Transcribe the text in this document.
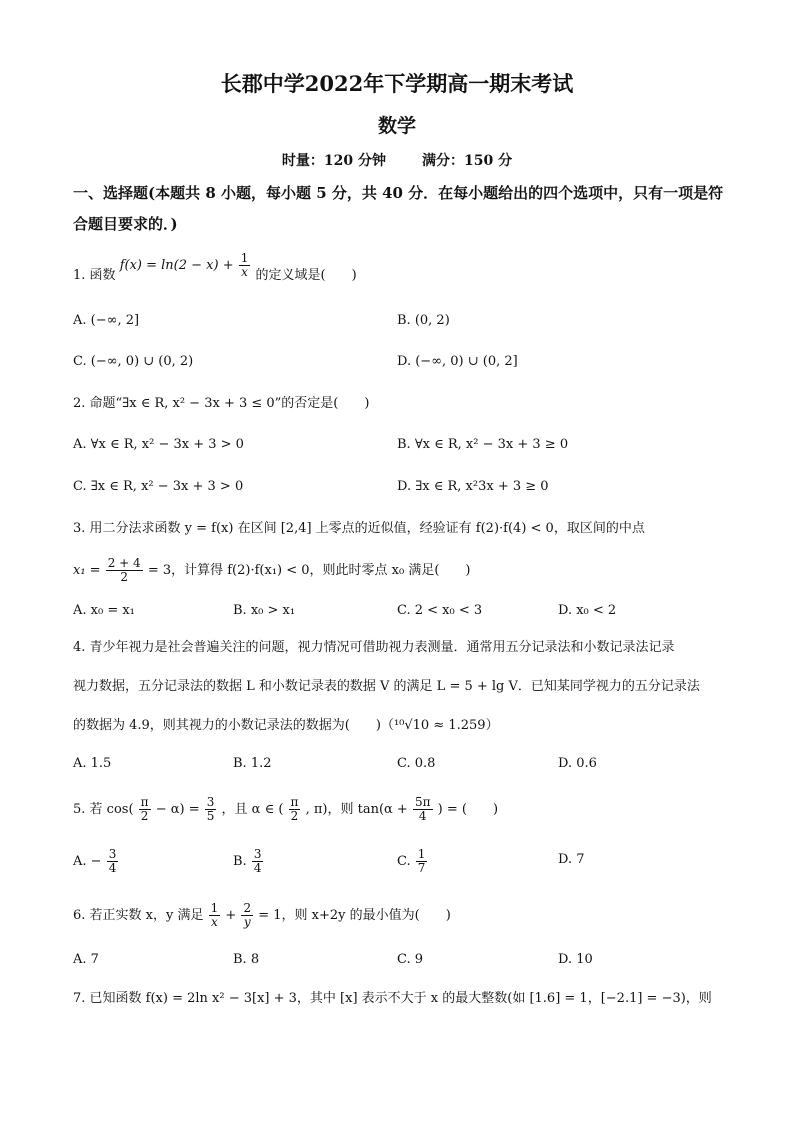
长郡中学2022年下学期高一期末考试
数学
时量：120 分钟	满分：150 分
一、选择题(本题共 8 小题，每小题 5 分，共 40 分．在每小题给出的四个选项中，只有一项是符合题目要求的．)
1. 函数 $f(x) = \ln(2 - x) + \frac{1}{x}$ 的定义域是(　　)
A. (−∞, 2]	B. (0, 2)
C. (−∞, 0) ∪ (0, 2)	D. (−∞, 0) ∪ (0, 2]
2. 命题“∃x ∈ R, x² − 3x + 3 ≤ 0”的否定是(　　)
A. ∀x ∈ R, x² − 3x + 3 > 0	B. ∀x ∈ R, x² − 3x + 3 ≥ 0
C. ∃x ∈ R, x² − 3x + 3 > 0	D. ∃x ∈ R, x²3x + 3 ≥ 0
3. 用二分法求函数 y = f(x) 在区间 [2,4] 上零点的近似值，经验证有 f(2)·f(4) < 0，取区间的中点
$x_1 = \frac{2 + 4}{2} = 3$，计算得 f(2)·f(x₁) < 0，则此时零点 x₀ 满足(　　)
A. x₀ = x₁	B. x₀ > x₁	C. 2 < x₀ < 3	D. x₀ < 2
4. 青少年视力是社会普遍关注的问题，视力情况可借助视力表测量．通常用五分记录法和小数记录法记录
视力数据，五分记录法的数据 L 和小数记录表的数据 V 的满足 L = 5 + lg V．已知某同学视力的五分记录法
的数据为 4.9，则其视力的小数记录法的数据为(　　)（¹⁰√10 ≈ 1.259）
A. 1.5	B. 1.2	C. 0.8	D. 0.6
5. 若 $\cos( \frac{\pi}{2} - \alpha) = \frac{3}{5}$ ，且 α ∈ ( $\frac{\pi}{2}$ , π)，则 $\tan(\alpha + \frac{5\pi}{4}$ ) = (　　)
A. − $\frac{3}{4}$	B. $\frac{3}{4}$	C. $\frac{1}{7}$	D. 7
6. 若正实数 x，y 满足 $\frac{1}{x} + \frac{2}{y} = 1$，则 x+2y 的最小值为(　　)
A. 7	B. 8	C. 9	D. 10
7. 已知函数 f(x) = 2ln x² − 3[x] + 3，其中 [x] 表示不大于 x 的最大整数(如 [1.6] = 1，[−2.1] = −3)，则
